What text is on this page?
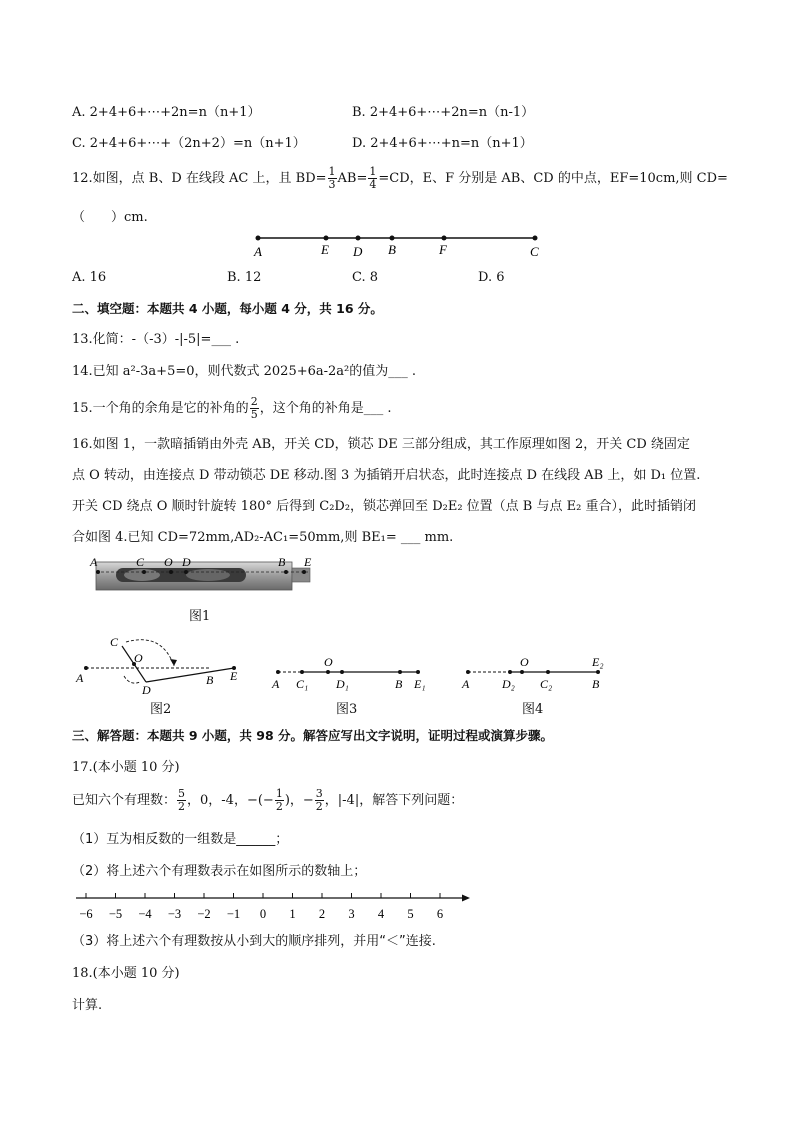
A. 2+4+6+⋯+2n=n（n+1）	B. 2+4+6+⋯+2n=n（n-1）
C. 2+4+6+⋯+（2n+2）=n（n+1）	D. 2+4+6+⋯+n=n（n+1）
12.如图，点 B、D 在线段 AC 上，且 $BD= \frac{1}{3} AB= \frac{1}{4} =CD$，E、F 分别是 AB、CD 的中点，EF=10cm,则 CD=
（　　）cm.
A	E D B	F	C
A. 16	B. 12	C. 8	D. 6
二、填空题：本题共 4 小题，每小题 4 分，共 16 分。
13.化简：-（-3）-|-5|=___ .
14.已知 a²-3a+5=0，则代数式 2025+6a-2a²的值为___ .
15.一个角的余角是它的补角的 $\frac{2}{5}$ ，这个角的补角是___ .
16.如图 1，一款暗插销由外壳 AB，开关 CD，锁芯 DE 三部分组成，其工作原理如图 2，开关 CD 绕固定
点 O 转动，由连接点 D 带动锁芯 DE 移动.图 3 为插销开启状态，此时连接点 D 在线段 AB 上，如 D₁ 位置.
开关 CD 绕点 O 顺时针旋转 180° 后得到 C₂D₂，锁芯弹回至 D₂E₂ 位置（点 B 与点 E₂ 重合），此时插销闭
合如图 4.已知 CD=72mm,AD₂-AC₁=50mm,则 BE₁= ___ mm.
A	C O D	B E
图1
C
O
A
D
B E
图2
O
A C₁ D₁	B E₁
图3
O	E₂
A	D₂ C₂	B
图4
三、解答题：本题共 9 小题，共 98 分。解答应写出文字说明，证明过程或演算步骤。
17.(本小题 10 分)
已知六个有理数： $\frac{5}{2}$ ，0，-4，−(− $\frac{1}{2}$ )，− $\frac{3}{2}$ ，|-4|，解答下列问题：
（1）互为相反数的一组数是______；
（2）将上述六个有理数表示在如图所示的数轴上；
−6 −5 −4 −3 −2 −1 0 1 2 3 4 5 6
（3）将上述六个有理数按从小到大的顺序排列，并用“＜”连接.
18.(本小题 10 分)
计算.
